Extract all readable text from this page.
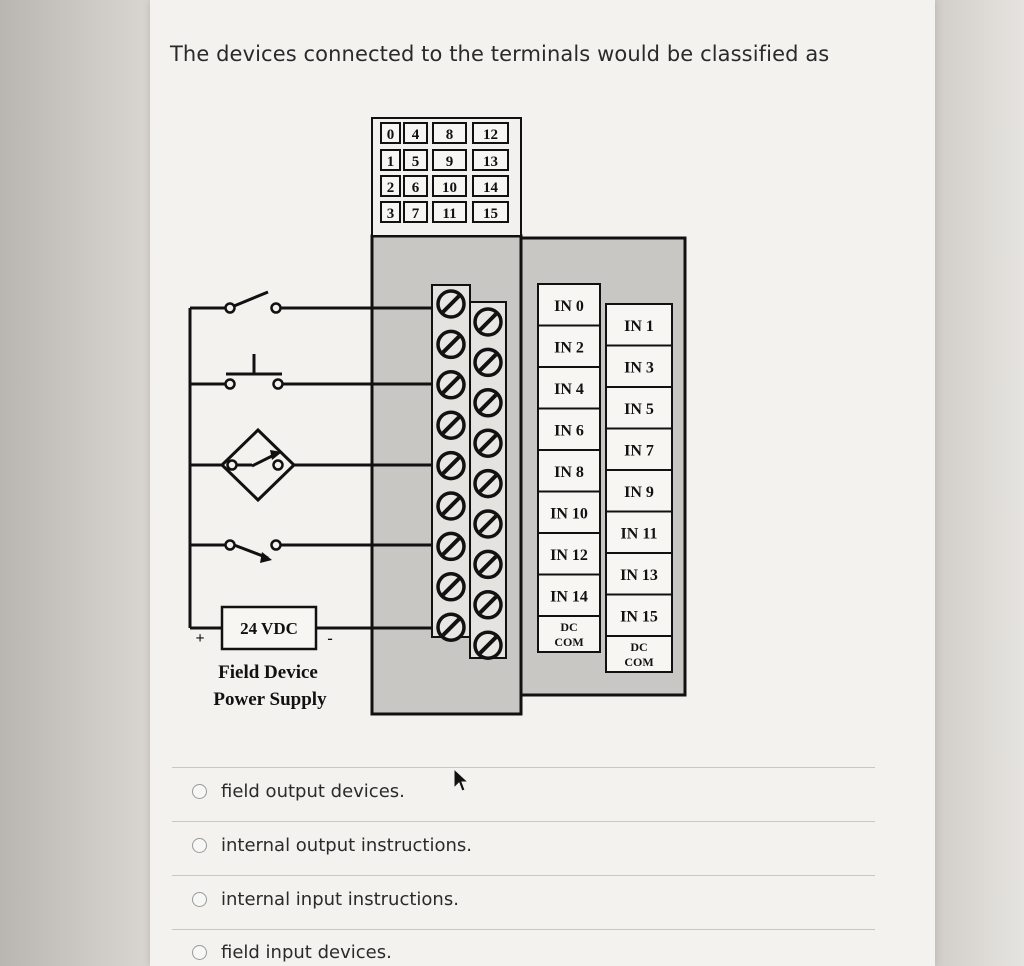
The devices connected to the terminals would be classified as
0 4 8 12
1 5 9 13
2 6 10 14
3 7 11 15
IN 0
IN 2
IN 4
IN 6
IN 8
IN 10
IN 12
IN 14
DC
COM
IN 1
IN 3
IN 5
IN 7
IN 9
IN 11
IN 13
IN 15
DC
COM
24 VDC
+	-
Field Device
Power Supply
field output devices.
internal output instructions.
internal input instructions.
field input devices.
